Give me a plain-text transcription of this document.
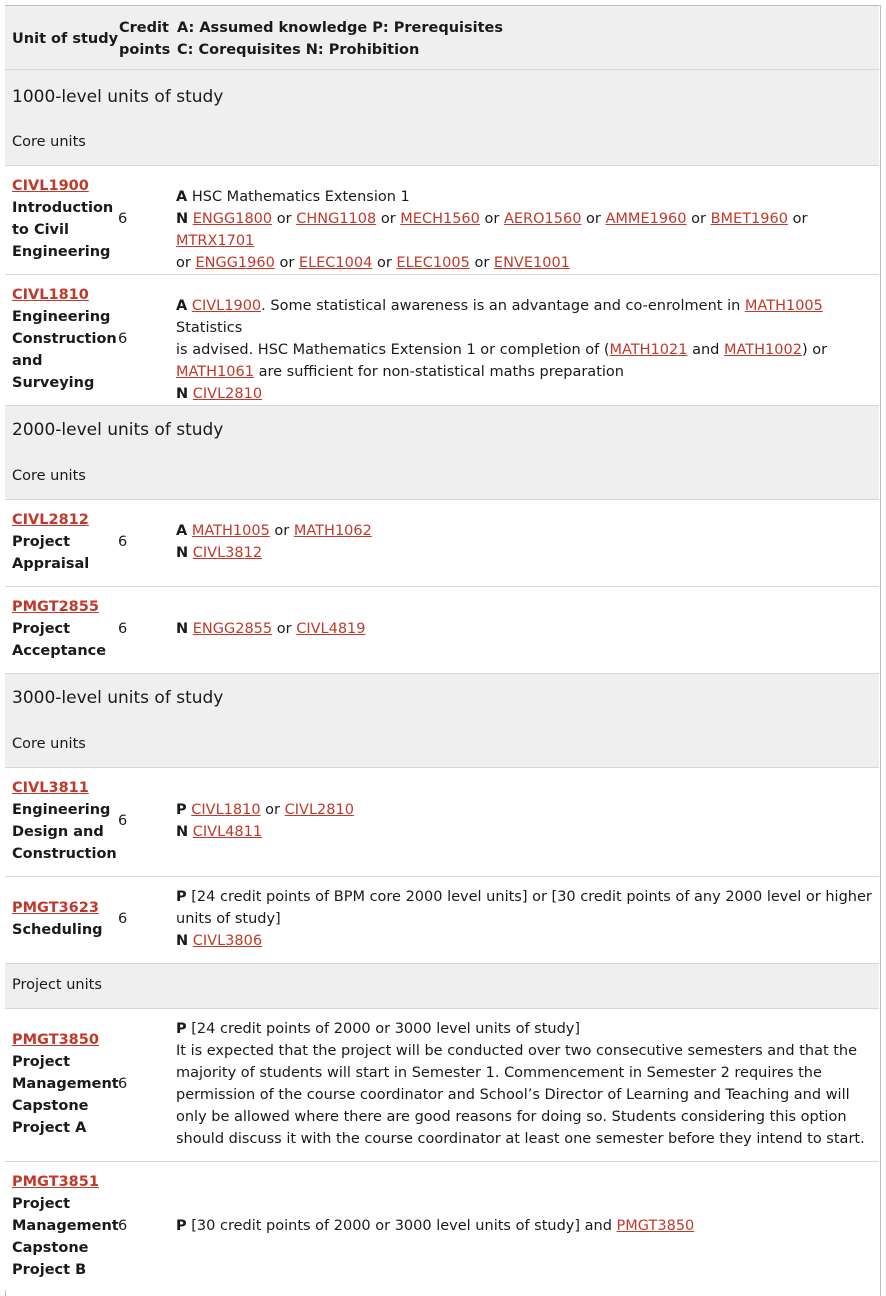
Unit of study
Credit
points
A: Assumed knowledge P: Prerequisites
C: Corequisites N: Prohibition
1000-level units of study
Core units
CIVL1900
Introduction
to Civil
Engineering
6
A HSC Mathematics Extension 1
N ENGG1800 or CHNG1108 or MECH1560 or AERO1560 or AMME1960 or BMET1960 or MTRX1701
or ENGG1960 or ELEC1004 or ELEC1005 or ENVE1001
CIVL1810
Engineering
Construction
and
Surveying
6
A CIVL1900. Some statistical awareness is an advantage and co-enrolment in MATH1005 Statistics
is advised. HSC Mathematics Extension 1 or completion of (MATH1021 and MATH1002) or
MATH1061 are sufficient for non-statistical maths preparation
N CIVL2810
2000-level units of study
Core units
CIVL2812
Project
Appraisal
6
A MATH1005 or MATH1062
N CIVL3812
PMGT2855
Project
Acceptance
6	N ENGG2855 or CIVL4819
3000-level units of study
Core units
CIVL3811
Engineering
Design and
Construction
6
P CIVL1810 or CIVL2810
N CIVL4811
PMGT3623
Scheduling
6
P [24 credit points of BPM core 2000 level units] or [30 credit points of any 2000 level or higher
units of study]
N CIVL3806
Project units
PMGT3850
Project
Management
Capstone
Project A
6
P [24 credit points of 2000 or 3000 level units of study]
It is expected that the project will be conducted over two consecutive semesters and that the
majority of students will start in Semester 1. Commencement in Semester 2 requires the
permission of the course coordinator and School’s Director of Learning and Teaching and will
only be allowed where there are good reasons for doing so. Students considering this option
should discuss it with the course coordinator at least one semester before they intend to start.
PMGT3851
Project
Management
Capstone
Project B
6	P [30 credit points of 2000 or 3000 level units of study] and PMGT3850
